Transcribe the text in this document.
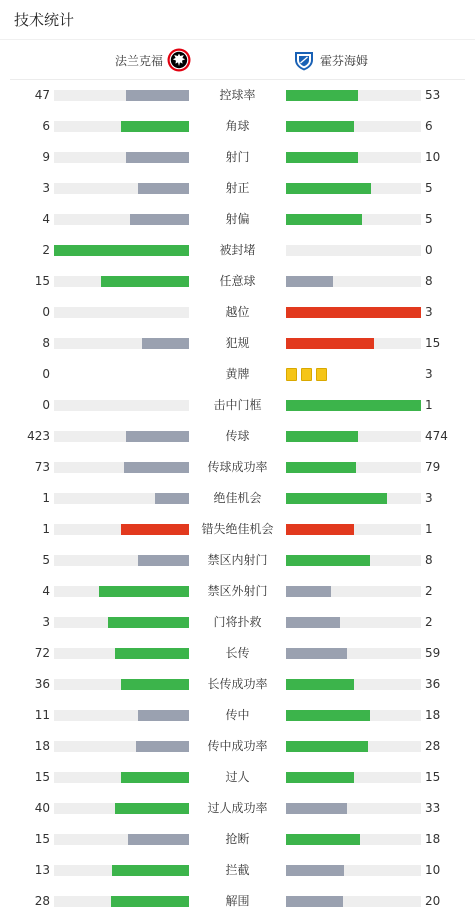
技术统计
法兰克福	霍芬海姆
47	控球率	53
6	角球	6
9	射门	10
3	射正	5
4	射偏	5
2	被封堵	0
15	任意球	8
0	越位	3
8	犯规	15
0	黄牌	3
0	击中门框	1
423	传球	474
73	传球成功率	79
1	绝佳机会	3
1	错失绝佳机会	1
5	禁区内射门	8
4	禁区外射门	2
3	门将扑救	2
72	长传	59
36	长传成功率	36
11	传中	18
18	传中成功率	28
15	过人	15
40	过人成功率	33
15	抢断	18
13	拦截	10
28	解围	20
